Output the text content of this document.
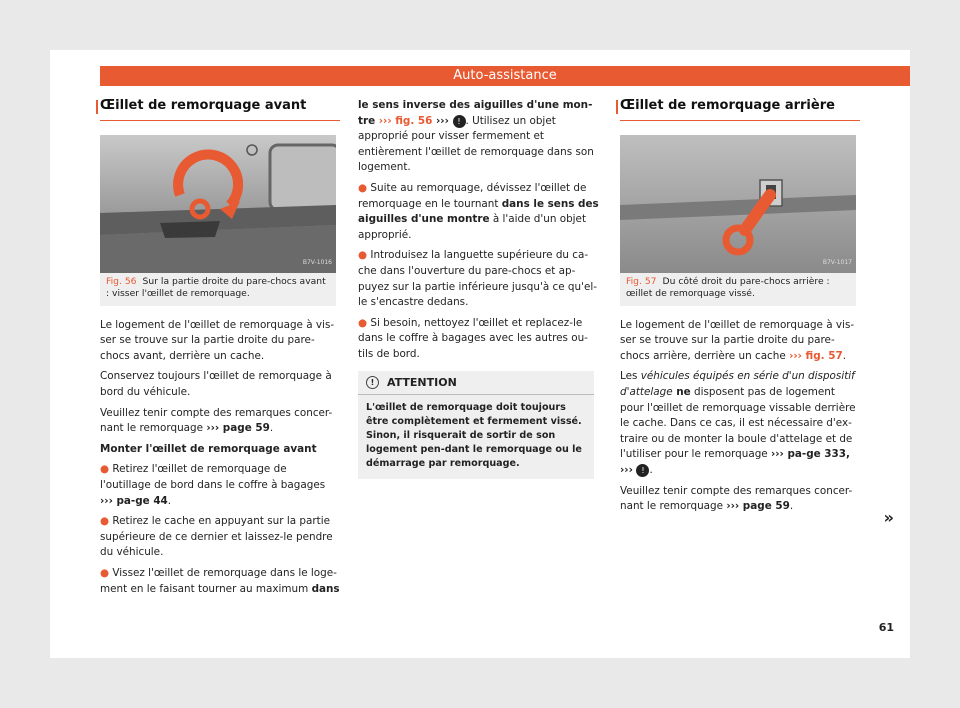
Auto-assistance
Œillet de remorquage avant
B7V-1016
Fig. 56 Sur la partie droite du pare-chocs avant : visser l'œillet de remorquage.

Le logement de l'œillet de remorquage à vis-ser se trouve sur la partie droite du pare-chocs avant, derrière un cache.

Conservez toujours l'œillet de remorquage à bord du véhicule.

Veuillez tenir compte des remarques concer-nant le remorquage ››› page 59.

Monter l'œillet de remorquage avant

● Retirez l'œillet de remorquage de l'outillage de bord dans le coffre à bagages ››› pa-ge 44.

● Retirez le cache en appuyant sur la partie supérieure de ce dernier et laissez-le pendre du véhicule.

● Vissez l'œillet de remorquage dans le loge-ment en le faisant tourner au maximum dans

le sens inverse des aiguilles d'une mon-tre ››› fig. 56 ››› ! . Utilisez un objet approprié pour visser fermement et entièrement l'œillet de remorquage dans son logement.

● Suite au remorquage, dévissez l'œillet de remorquage en le tournant dans le sens des aiguilles d'une montre à l'aide d'un objet approprié.

● Introduisez la languette supérieure du ca-che dans l'ouverture du pare-chocs et ap-puyez sur la partie inférieure jusqu'à ce qu'el-le s'encastre dedans.

● Si besoin, nettoyez l'œillet et replacez-le dans le coffre à bagages avec les autres ou-tils de bord.

!	ATTENTION
L'œillet de remorquage doit toujours être complètement et fermement vissé. Sinon, il risquerait de sortir de son logement pen-dant le remorquage ou le démarrage par remorquage.
Œillet de remorquage arrière
B7V-1017
Fig. 57 Du côté droit du pare-chocs arrière : œillet de remorquage vissé.

Le logement de l'œillet de remorquage à vis-ser se trouve sur la partie droite du pare-chocs arrière, derrière un cache ››› fig. 57.

Les véhicules équipés en série d'un dispositif d'attelage ne disposent pas de logement pour l'œillet de remorquage vissable derrière le cache. Dans ce cas, il est nécessaire d'ex-traire ou de monter la boule d'attelage et de l'utiliser pour le remorquage ››› pa-ge 333, ››› ! .

Veuillez tenir compte des remarques concer-nant le remorquage ››› page 59.

»
61
